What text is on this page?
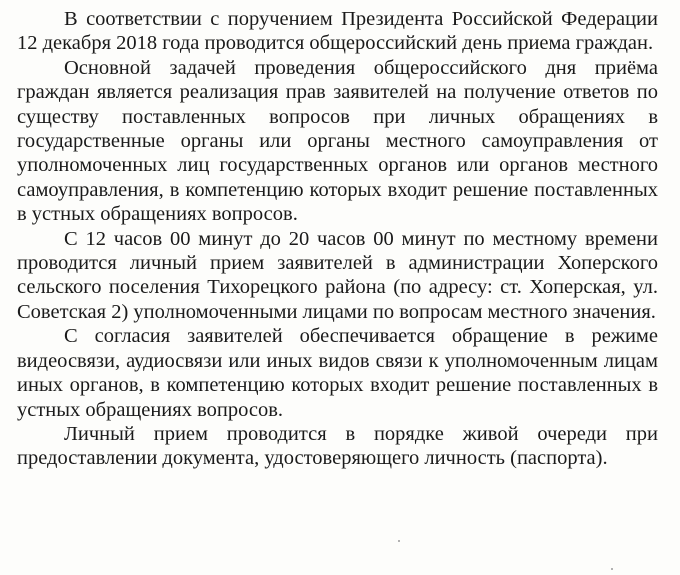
В соответствии с поручением Президента Российской Федерации 12 декабря 2018 года проводится общероссийский день приема граждан.

Основной задачей проведения общероссийского дня приёма граждан является реализация прав заявителей на получение ответов по существу поставленных вопросов при личных обращениях в государственные органы или органы местного самоуправления от уполномоченных лиц государственных органов или органов местного самоуправления, в компетенцию которых входит решение поставленных в устных обращениях вопросов.

С 12 часов 00 минут до 20 часов 00 минут по местному времени проводится личный прием заявителей в администрации Хоперского сельского поселения Тихорецкого района (по адресу: ст. Хоперская, ул. Советская 2) уполномоченными лицами по вопросам местного значения.

С согласия заявителей обеспечивается обращение в режиме видеосвязи, аудиосвязи или иных видов связи к уполномоченным лицам иных органов, в компетенцию которых входит решение поставленных в устных обращениях вопросов.

Личный прием проводится в порядке живой очереди при предоставлении документа, удостоверяющего личность (паспорта).
